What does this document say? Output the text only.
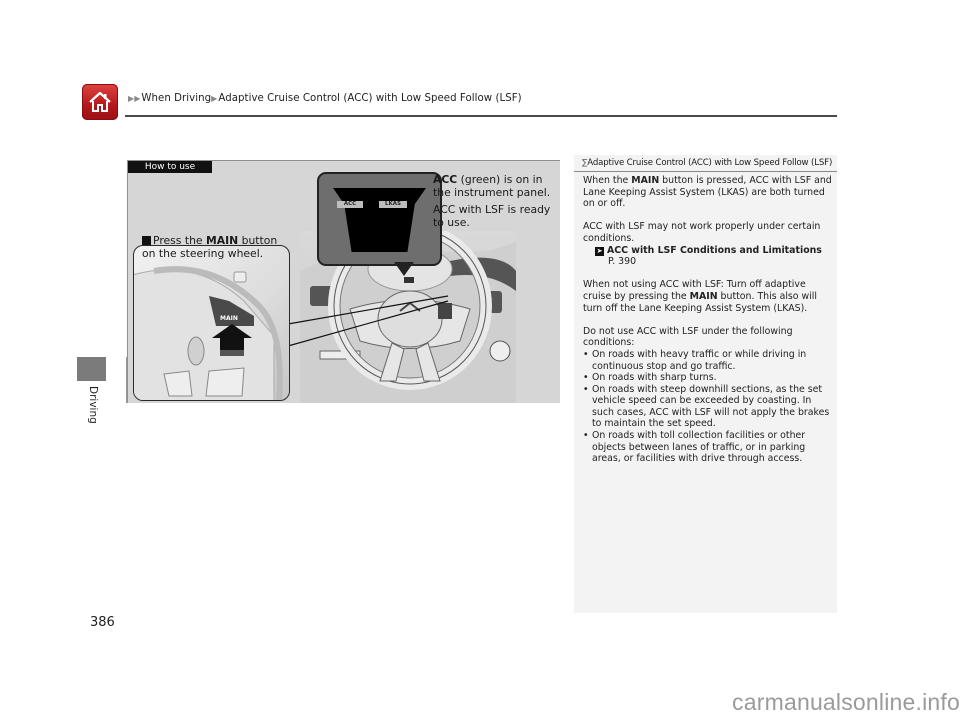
▶▶When Driving▶Adaptive Cruise Control (ACC) with Low Speed Follow (LSF)
Driving
386
How to use
MAIN
Press the MAIN button on the steering wheel.
ACC	LKAS

ACC (green) is on in the instrument panel.

ACC with LSF is ready to use.

∑Adaptive Cruise Control (ACC) with Low Speed Follow (LSF)

When the MAIN button is pressed, ACC with LSF and Lane Keeping Assist System (LKAS) are both turned on or off.

ACC with LSF may not work properly under certain conditions.

➤ ACC with LSF Conditions and Limitations
P. 390

When not using ACC with LSF: Turn off adaptive cruise by pressing the MAIN button. This also will turn off the Lane Keeping Assist System (LKAS).

Do not use ACC with LSF under the following conditions:

• On roads with heavy traffic or while driving in continuous stop and go traffic.
• On roads with sharp turns.
• On roads with steep downhill sections, as the set vehicle speed can be exceeded by coasting. In such cases, ACC with LSF will not apply the brakes to maintain the set speed.
• On roads with toll collection facilities or other objects between lanes of traffic, or in parking areas, or facilities with drive through access.
carmanualsonline.info
